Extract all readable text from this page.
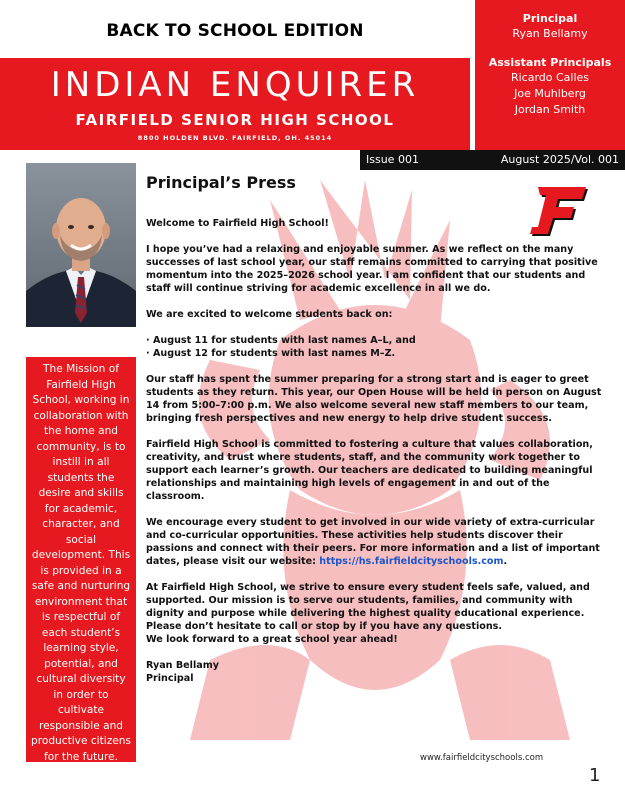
BACK TO SCHOOL EDITION
INDIAN ENQUIRER
FAIRFIELD SENIOR HIGH SCHOOL
8800 HOLDEN BLVD. FAIRFIELD, OH. 45014
Principal
Ryan Bellamy
Assistant Principals
Ricardo Calles
Joe Muhlberg
Jordan Smith
Issue 001	August 2025/Vol. 001
The Mission of Fairfield High School, working in collaboration with the home and community, is to instill in all students the desire and skills for academic, character, and social development. This is provided in a safe and nurturing environment that is respectful of each student’s learning style, potential, and cultural diversity in order to cultivate responsible and productive citizens for the future.
Principal’s Press

Welcome to Fairfield High School!

I hope you’ve had a relaxing and enjoyable summer. As we reflect on the many successes of last school year, our staff remains committed to carrying that positive momentum into the 2025–2026 school year. I am confident that our students and staff will continue striving for academic excellence in all we do.

We are excited to welcome students back on:

· August 11 for students with last names A–L, and
· August 12 for students with last names M–Z.

Our staff has spent the summer preparing for a strong start and is eager to greet students as they return. This year, our Open House will be held in person on August 14 from 5:00–7:00 p.m. We also welcome several new staff members to our team, bringing fresh perspectives and new energy to help drive student success.

Fairfield High School is committed to fostering a culture that values collaboration, creativity, and trust where students, staff, and the community work together to support each learner’s growth. Our teachers are dedicated to building meaningful relationships and maintaining high levels of engagement in and out of the classroom.

We encourage every student to get involved in our wide variety of extra-curricular and co-curricular opportunities. These activities help students discover their passions and connect with their peers. For more information and a list of important dates, please visit our website: https://hs.fairfieldcityschools.com.

At Fairfield High School, we strive to ensure every student feels safe, valued, and supported. Our mission is to serve our students, families, and community with dignity and purpose while delivering the highest quality educational experience. Please don’t hesitate to call or stop by if you have any questions.

We look forward to a great school year ahead!

Ryan Bellamy
Principal
www.fairfieldcityschools.com
1
